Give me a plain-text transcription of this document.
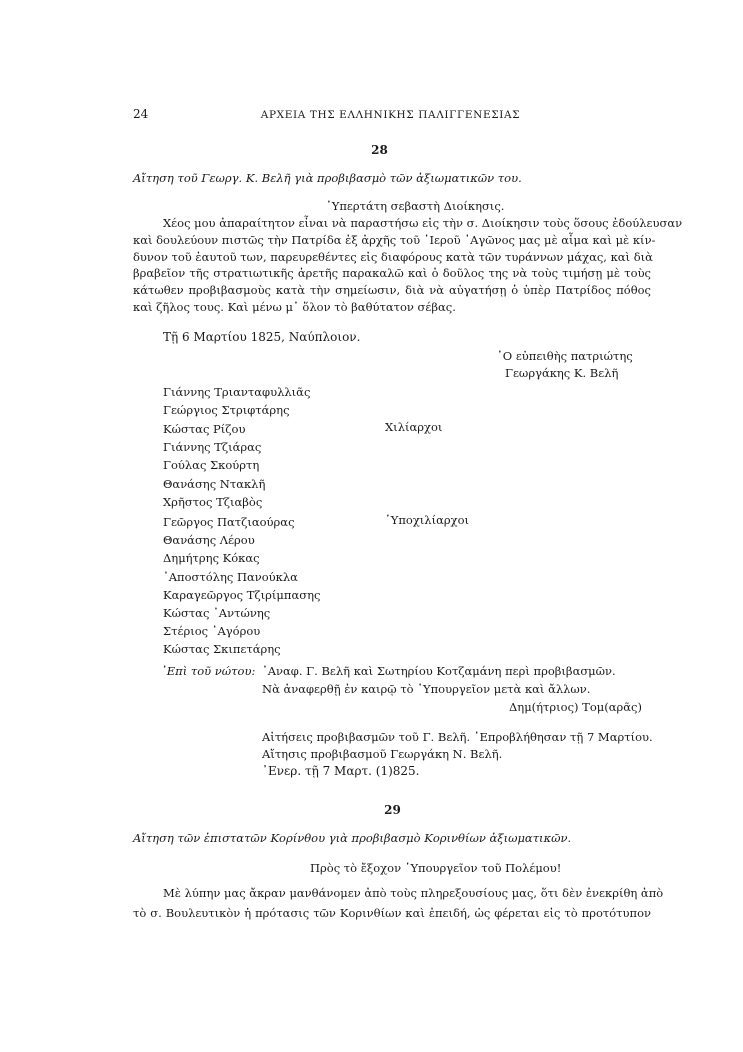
24	ΑΡΧΕΙΑ ΤΗΣ ΕΛΛΗΝΙΚΗΣ ΠΑΛΙΓΓΕΝΕΣΙΑΣ
28
Αἴτηση τοῦ Γεωργ. Κ. Βελῆ γιὰ προβιβασμὸ τῶν ἀξιωματικῶν του.
῾Υπερτάτη σεβαστὴ Διοίκησις.
Χέος μου ἀπαραίτητον εἶναι νὰ παραστήσω εἰς τὴν σ. Διοίκησιν τοὺς ὅσους ἐδούλευσαν
καὶ δουλεύουν πιστῶς τὴν Πατρίδα ἐξ ἀρχῆς τοῦ ῾Ιεροῦ ᾿Αγῶνος μας μὲ αἷμα καὶ μὲ κίν-
δυνον τοῦ ἑαυτοῦ των, παρευρεθέντες εἰς διαφόρους κατὰ τῶν τυράννων μάχας, καὶ διὰ
βραβεῖον τῆς στρατιωτικῆς ἀρετῆς παρακαλῶ καὶ ὁ δοῦλος της νὰ τοὺς τιμήσῃ μὲ τοὺς
κάτωθεν προβιβασμοὺς κατὰ τὴν σημείωσιν, διὰ νὰ αὐγατήσῃ ὁ ὑπὲρ Πατρίδος πόθος
καὶ ζῆλος τους. Καὶ μένω μ᾽ ὅλον τὸ βαθύτατον σέβας.
Τῇ 6 Μαρτίου 1825, Ναύπλοιον.
῾Ο εὐπειθὴς πατριώτης
Γεωργάκης Κ. Βελῆ
Γιάννης Τριανταφυλλιᾶς
Γεώργιος Στριφτάρης
Κώστας Ρίζου
Γιάννης Τζιάρας
Γούλας Σκούρτη
Θανάσης Ντακλῆ
Χρῆστος Τζιαβὸς
Χιλίαρχοι
Γεῶργος Πατζιαούρας
Θανάσης Λέρου
Δημήτρης Κόκας
᾿Αποστόλης Πανούκλα
Καραγεῶργος Τζιρίμπασης
Κώστας ᾿Αντώνης
Στέριος ᾿Αγόρου
Κώστας Σκιπετάρης
῾Υποχιλίαρχοι
᾿Επὶ τοῦ νώτου: ᾿Αναφ. Γ. Βελῆ καὶ Σωτηρίου Κοτζαμάνη περὶ προβιβασμῶν.
Νὰ ἀναφερθῇ ἐν καιρῷ τὸ ῾Υπουργεῖον μετὰ καὶ ἄλλων.
Δημ(ήτριος) Τομ(αρᾶς)
Αἰτήσεις προβιβασμῶν τοῦ Γ. Βελῆ. ᾿Επροβλήθησαν τῇ 7 Μαρτίου.
Αἴτησις προβιβασμοῦ Γεωργάκη Ν. Βελῆ.
᾿Ενερ. τῇ 7 Μαρτ. (1)825.
29
Αἴτηση τῶν ἐπιστατῶν Κορίνθου γιὰ προβιβασμὸ Κορινθίων ἀξιωματικῶν.
Πρὸς τὸ ἔξοχον ῾Υπουργεῖον τοῦ Πολέμου!
Μὲ λύπην μας ἄκραν μανθάνομεν ἀπὸ τοὺς πληρεξουσίους μας, ὅτι δὲν ἐνεκρίθη ἀπὸ
τὸ σ. Βουλευτικὸν ἡ πρότασις τῶν Κορινθίων καὶ ἐπειδή, ὡς φέρεται εἰς τὸ προτότυπον
